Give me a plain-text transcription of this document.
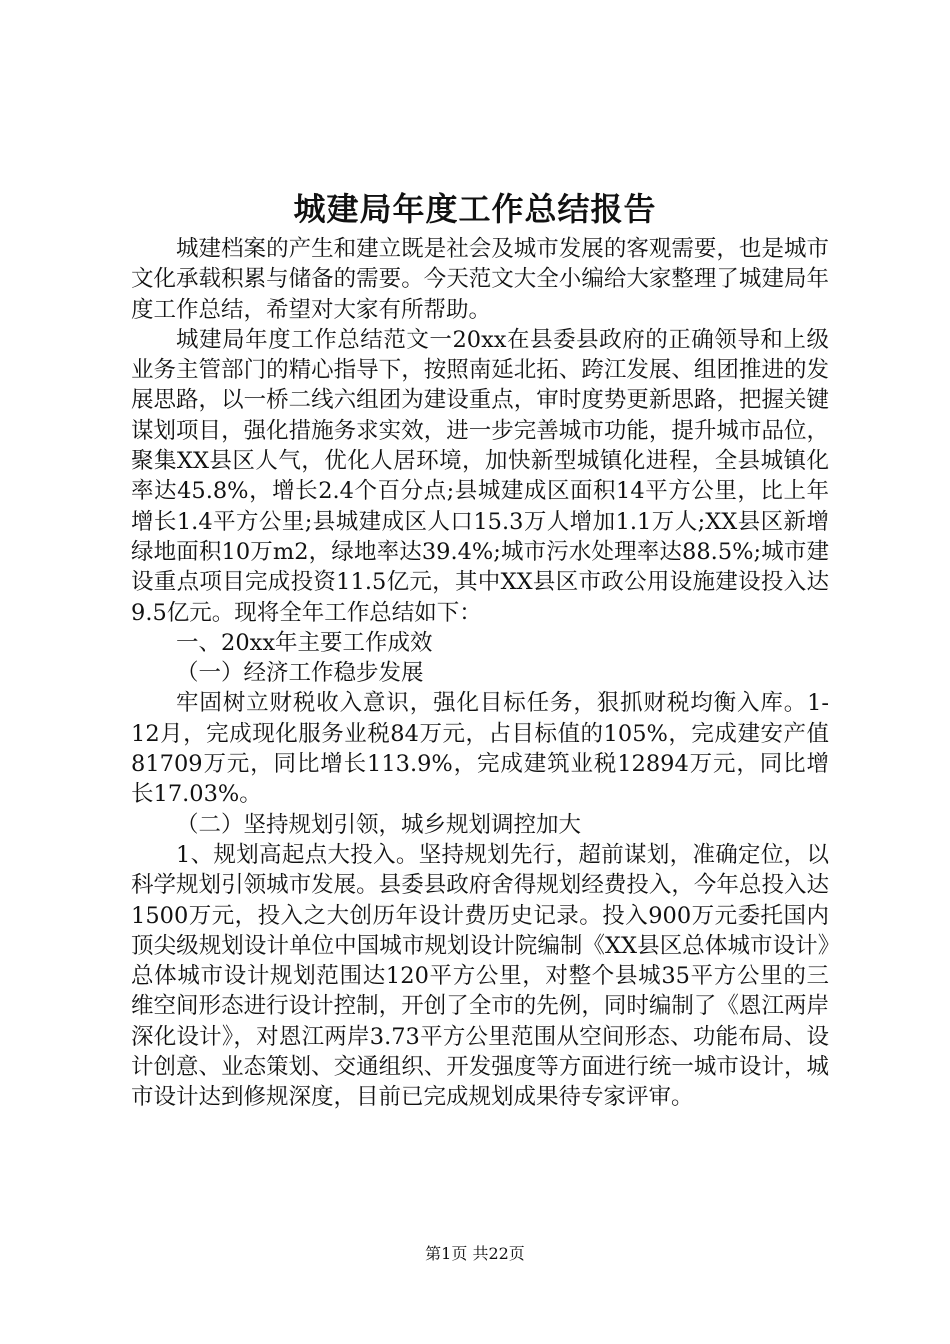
城建局年度工作总结报告

城建档案的产生和建立既是社会及城市发展的客观需要，也是城市文化承载积累与储备的需要。今天范文大全小编给大家整理了城建局年度工作总结，希望对大家有所帮助。

城建局年度工作总结范文一20xx在县委县政府的正确领导和上级业务主管部门的精心指导下，按照南延北拓、跨江发展、组团推进的发展思路，以一桥二线六组团为建设重点，审时度势更新思路，把握关键谋划项目，强化措施务求实效，进一步完善城市功能，提升城市品位，聚集XX县区人气，优化人居环境，加快新型城镇化进程，全县城镇化率达45.8%，增长2.4个百分点;县城建成区面积14平方公里，比上年增长1.4平方公里;县城建成区人口15.3万人增加1.1万人;XX县区新增绿地面积10万m2，绿地率达39.4%;城市污水处理率达88.5%;城市建设重点项目完成投资11.5亿元，其中XX县区市政公用设施建设投入达9.5亿元。现将全年工作总结如下：

一、20xx年主要工作成效

（一）经济工作稳步发展

牢固树立财税收入意识，强化目标任务，狠抓财税均衡入库。1-12月，完成现化服务业税84万元，占目标值的105%，完成建安产值81709万元，同比增长113.9%，完成建筑业税12894万元，同比增长17.03%。

（二）坚持规划引领，城乡规划调控加大

1、规划高起点大投入。坚持规划先行，超前谋划，准确定位，以科学规划引领城市发展。县委县政府舍得规划经费投入，今年总投入达1500万元，投入之大创历年设计费历史记录。投入900万元委托国内顶尖级规划设计单位中国城市规划设计院编制《XX县区总体城市设计》总体城市设计规划范围达120平方公里，对整个县城35平方公里的三维空间形态进行设计控制，开创了全市的先例，同时编制了《恩江两岸深化设计》，对恩江两岸3.73平方公里范围从空间形态、功能布局、设计创意、业态策划、交通组织、开发强度等方面进行统一城市设计，城市设计达到修规深度，目前已完成规划成果待专家评审。

第1页 共22页
